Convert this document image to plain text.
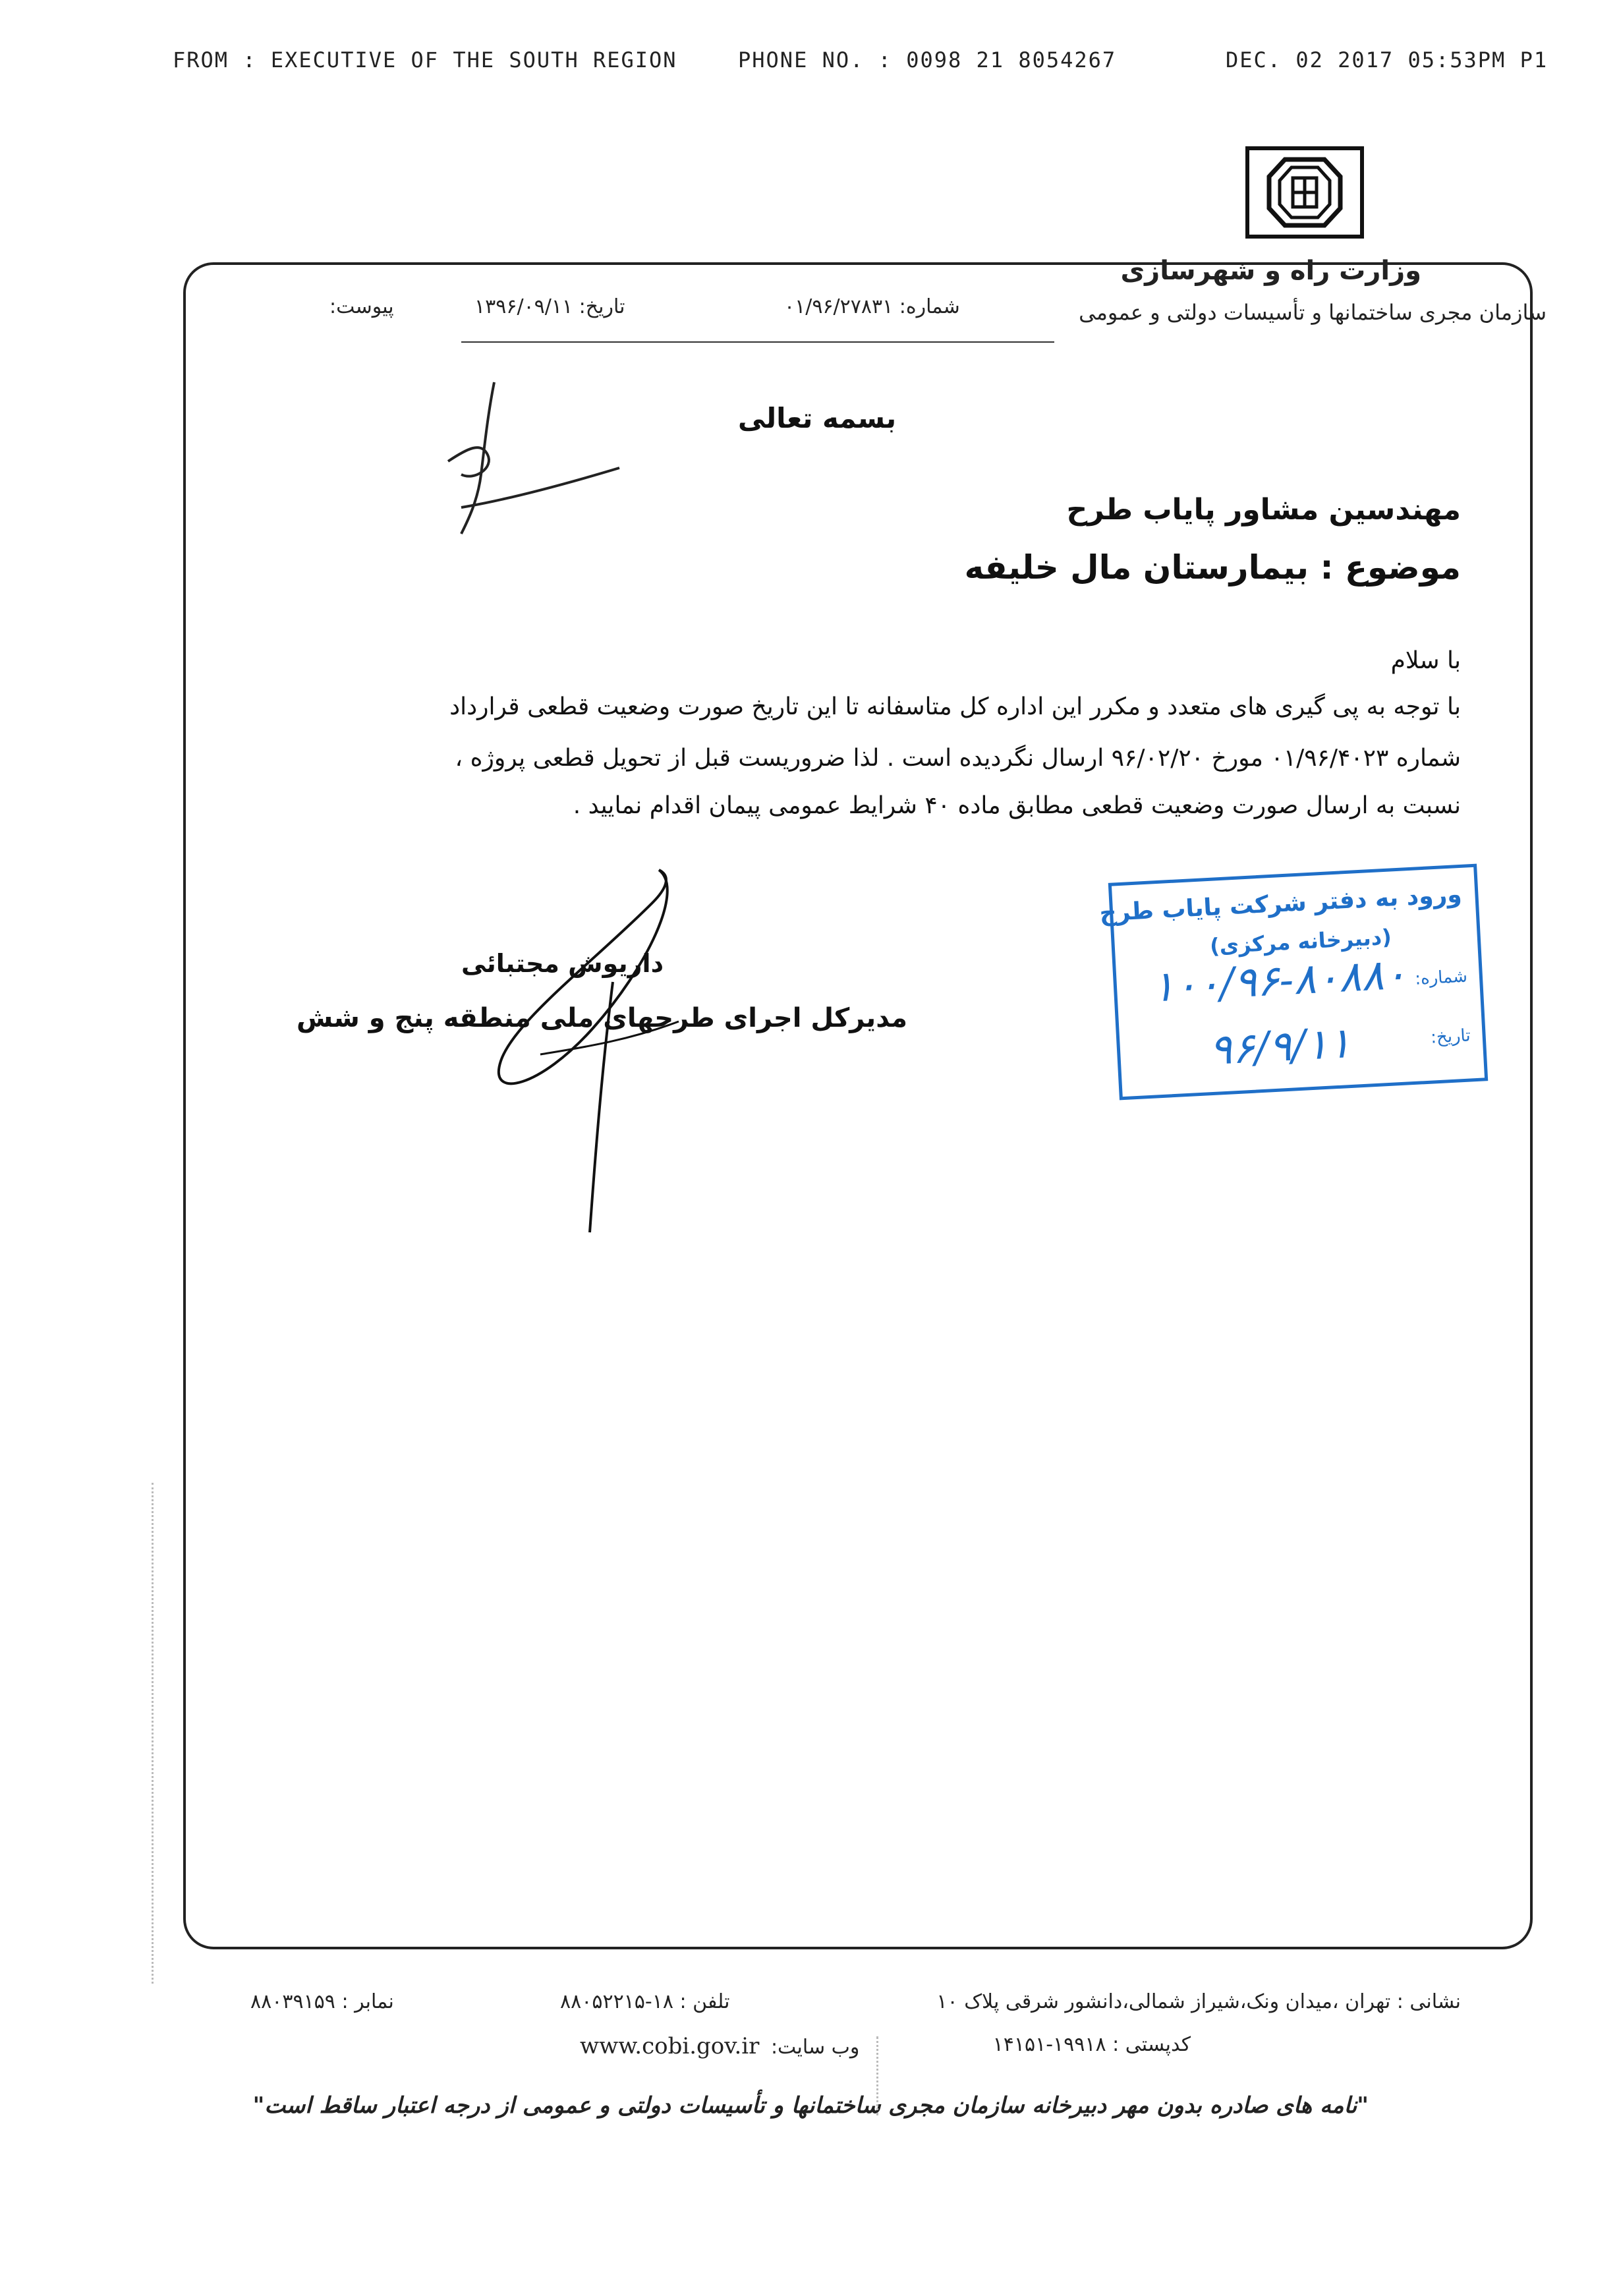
FROM : EXECUTIVE OF THE SOUTH REGION	PHONE NO. : 0098 21 8054267	DEC. 02 2017 05:53PM P1
وزارت راه و شهرسازی
سازمان مجری ساختمانها و تأسیسات دولتی و عمومی
شماره: ۰۱/۹۶/۲۷۸۳۱
تاریخ: ۱۳۹۶/۰۹/۱۱
پیوست:
بسمه تعالی
مهندسین مشاور پایاب طرح
موضوع : بیمارستان مال خلیفه
با سلام
با توجه به پی گیری های متعدد و مکرر این اداره کل متاسفانه تا این تاریخ صورت وضعیت قطعی قرارداد
شماره ۰۱/۹۶/۴۰۲۳ مورخ ۹۶/۰۲/۲۰ ارسال نگردیده است . لذا ضروریست قبل از تحویل قطعی پروژه ،
نسبت به ارسال صورت وضعیت قطعی مطابق ماده ۴۰ شرایط عمومی پیمان اقدام نمایید .
داریوش مجتبائی
مدیرکل اجرای طرحهای ملی منطقه پنج و شش
ورود به دفتر شرکت پایاب طرح
(دبیرخانه مرکزی)
شماره:
۱۰۰/۹۶-۸۰۸۸۰
تاریخ:
۹۶/۹/۱۱
نشانی : تهران ،میدان ونک،شیراز شمالی،دانشور شرقی پلاک ۱۰
تلفن : ۱۸-۸۸۰۵۲۲۱۵
نمابر : ۸۸۰۳۹۱۵۹
کدپستی : ۱۹۹۱۸-۱۴۱۵۱
www.cobi.gov.ir وب سایت:
"نامه های صادره بدون مهر دبیرخانه سازمان مجری ساختمانها و تأسیسات دولتی و عمومی از درجه اعتبار ساقط است"
